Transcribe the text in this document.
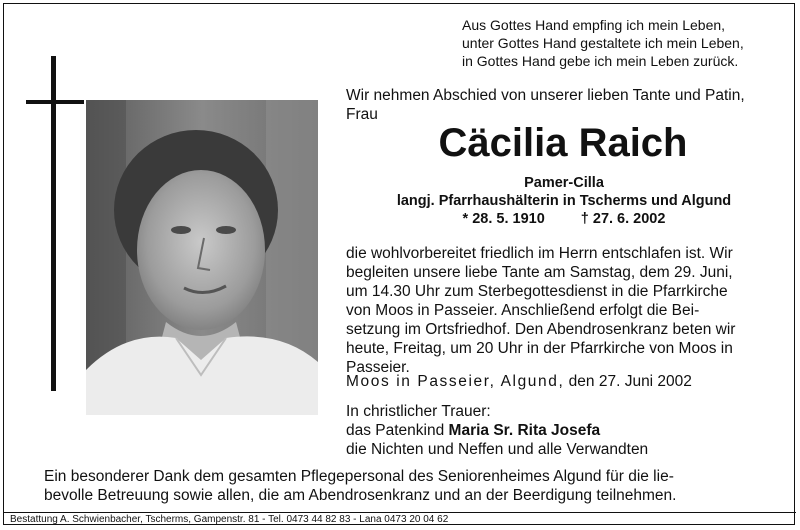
Aus Gottes Hand empfing ich mein Leben,
unter Gottes Hand gestaltete ich mein Leben,
in Gottes Hand gebe ich mein Leben zurück.
Wir nehmen Abschied von unserer lieben Tante und Patin,
Frau
Cäcilia Raich
Pamer-Cilla
langj. Pfarrhaushälterin in Tscherms und Algund
* 28. 5. 1910 † 27. 6. 2002
die wohlvorbereitet friedlich im Herrn entschlafen ist. Wir
begleiten unsere liebe Tante am Samstag, dem 29. Juni,
um 14.30 Uhr zum Sterbegottesdienst in die Pfarrkirche
von Moos in Passeier. Anschließend erfolgt die Bei-
setzung im Ortsfriedhof. Den Abendrosenkranz beten wir
heute, Freitag, um 20 Uhr in der Pfarrkirche von Moos in
Passeier.
Moos in Passeier, Algund, den 27. Juni 2002
In christlicher Trauer:
das Patenkind Maria Sr. Rita Josefa
die Nichten und Neffen und alle Verwandten
Ein besonderer Dank dem gesamten Pflegepersonal des Seniorenheimes Algund für die lie-
bevolle Betreuung sowie allen, die am Abendrosenkranz und an der Beerdigung teilnehmen.
Bestattung A. Schwienbacher, Tscherms, Gampenstr. 81 - Tel. 0473 44 82 83 - Lana 0473 20 04 62
